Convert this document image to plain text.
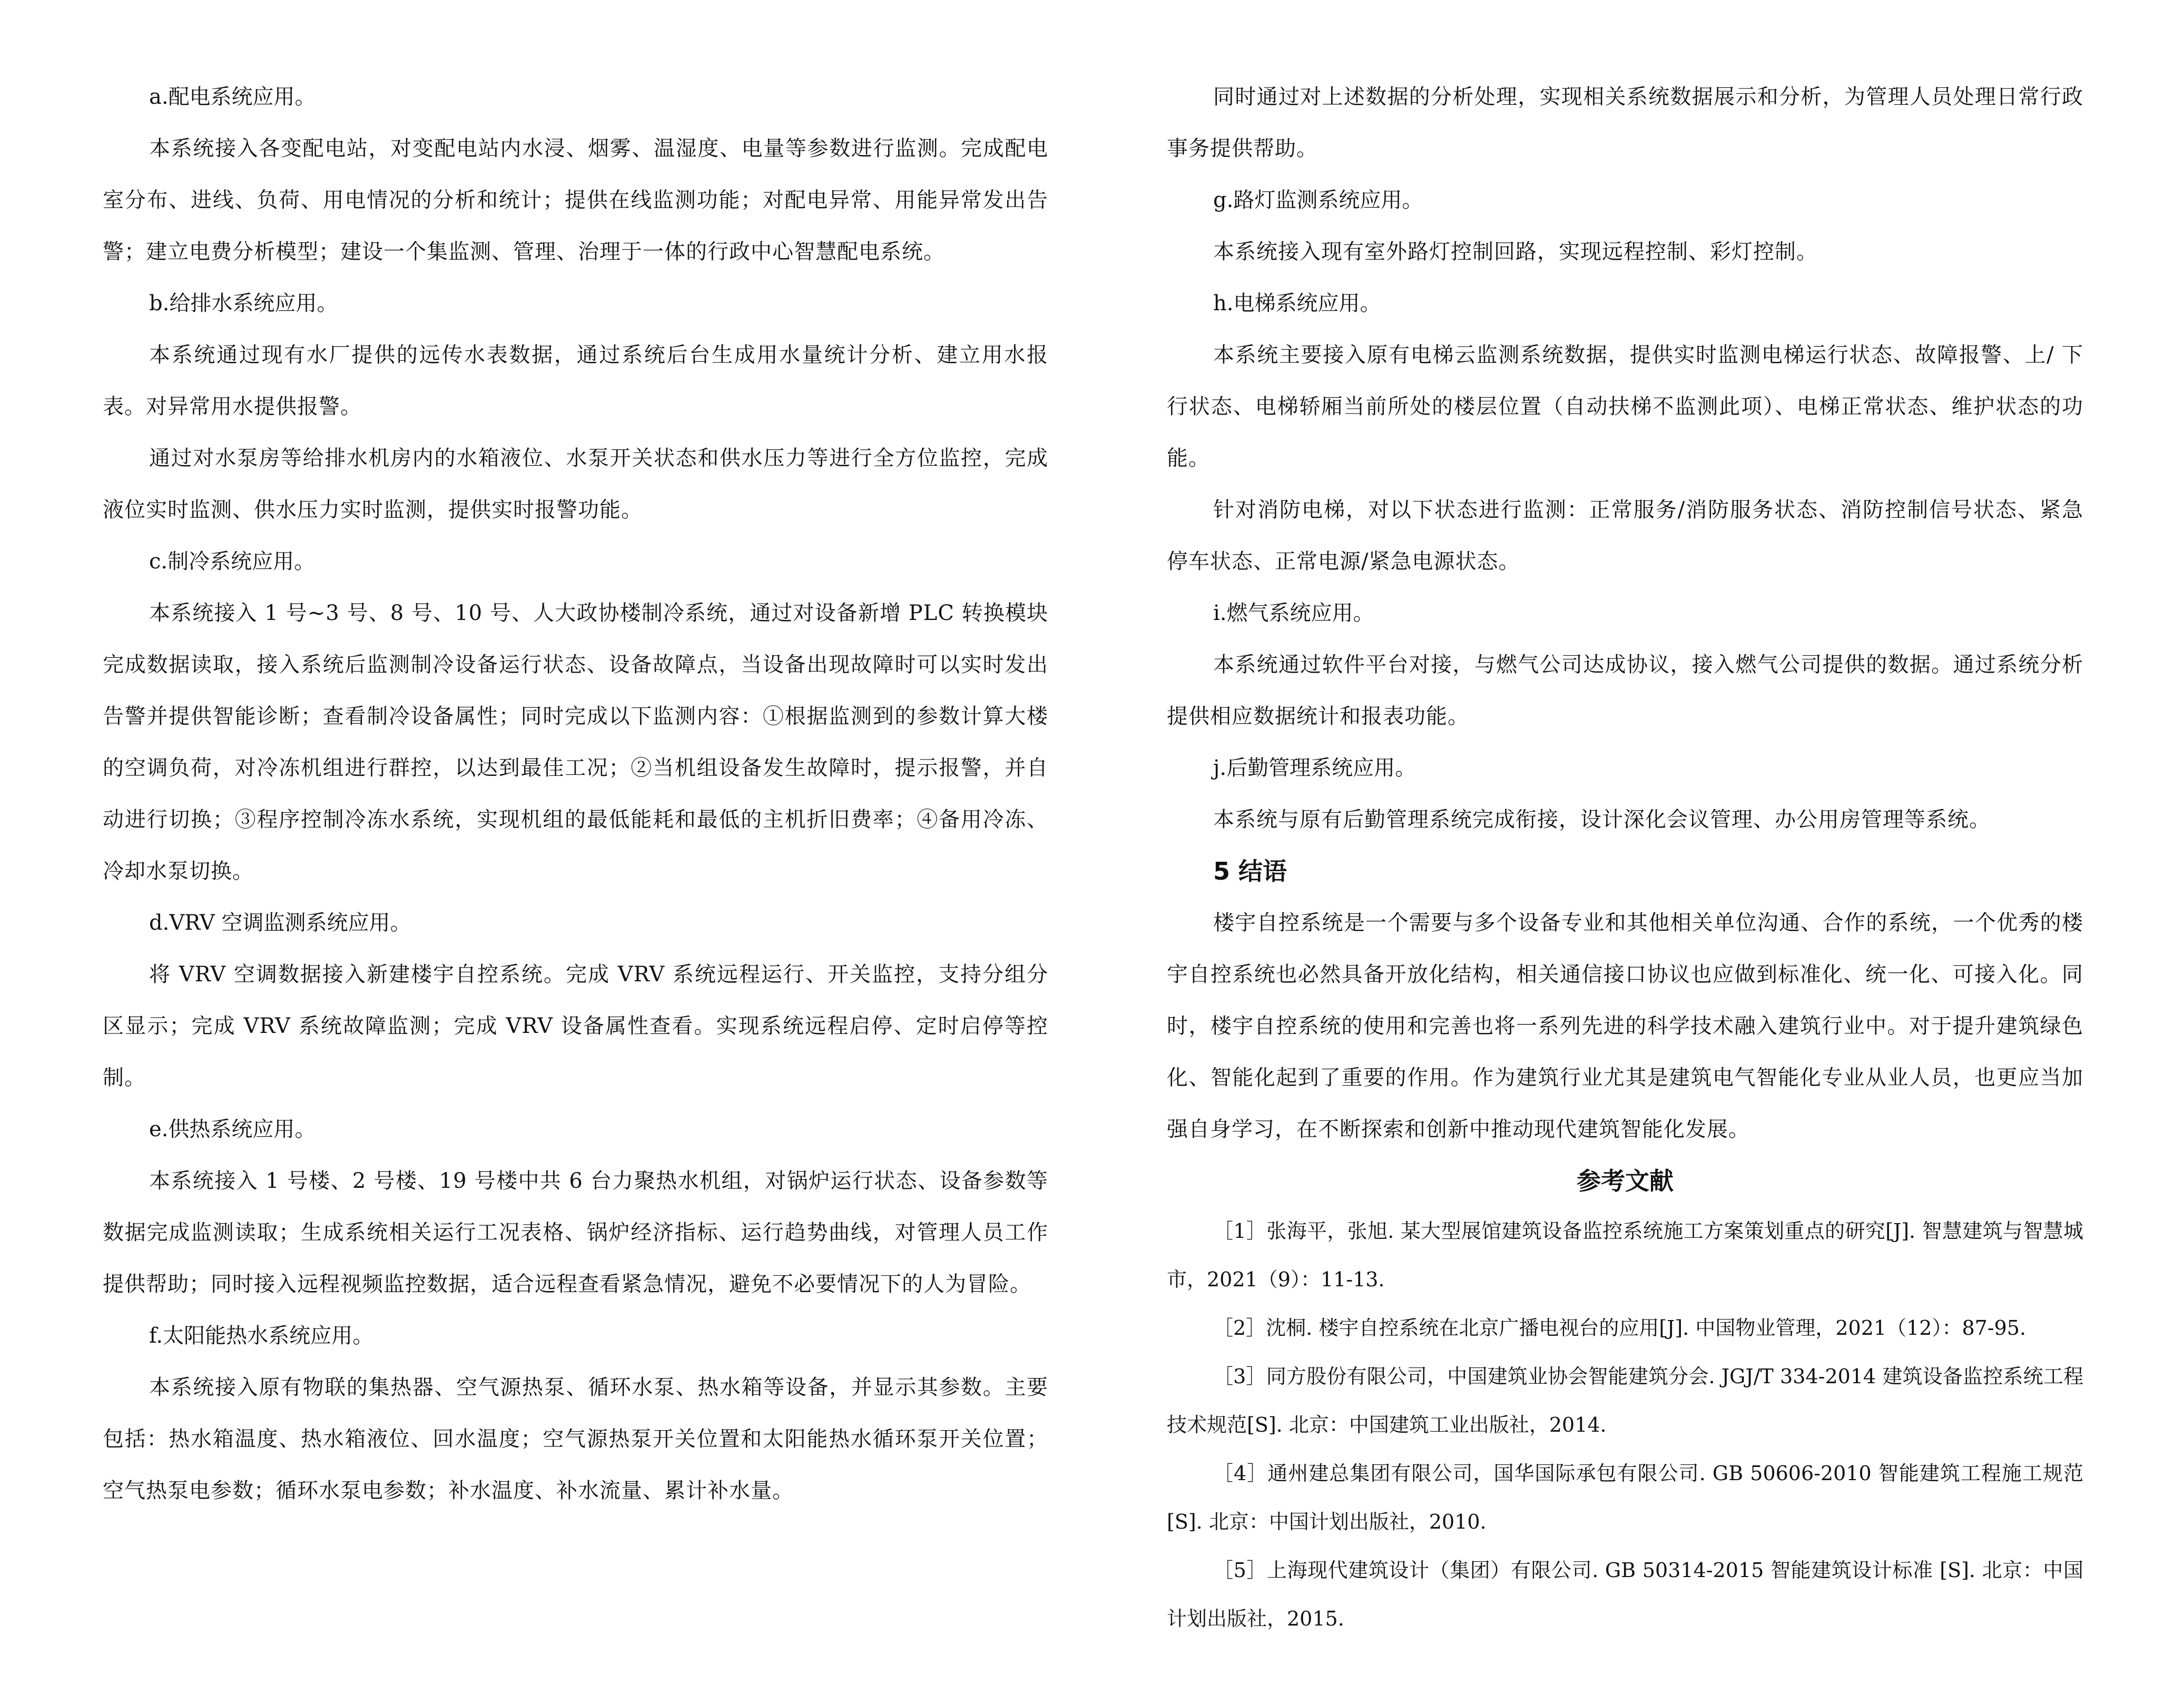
a.配电系统应用。

本系统接入各变配电站，对变配电站内水浸、烟雾、温湿度、电量等参数进行监测。完成配电室分布、进线、负荷、用电情况的分析和统计；提供在线监测功能；对配电异常、用能异常发出告警；建立电费分析模型；建设一个集监测、管理、治理于一体的行政中心智慧配电系统。

b.给排水系统应用。

本系统通过现有水厂提供的远传水表数据，通过系统后台生成用水量统计分析、建立用水报表。对异常用水提供报警。

通过对水泵房等给排水机房内的水箱液位、水泵开关状态和供水压力等进行全方位监控，完成液位实时监测、供水压力实时监测，提供实时报警功能。

c.制冷系统应用。

本系统接入 1 号~3 号、8 号、10 号、人大政协楼制冷系统，通过对设备新增 PLC 转换模块完成数据读取，接入系统后监测制冷设备运行状态、设备故障点，当设备出现故障时可以实时发出告警并提供智能诊断；查看制冷设备属性；同时完成以下监测内容：①根据监测到的参数计算大楼的空调负荷，对冷冻机组进行群控，以达到最佳工况；②当机组设备发生故障时，提示报警，并自动进行切换；③程序控制冷冻水系统，实现机组的最低能耗和最低的主机折旧费率；④备用冷冻、冷却水泵切换。

d.VRV 空调监测系统应用。

将 VRV 空调数据接入新建楼宇自控系统。完成 VRV 系统远程运行、开关监控，支持分组分区显示；完成 VRV 系统故障监测；完成 VRV 设备属性查看。实现系统远程启停、定时启停等控制。

e.供热系统应用。

本系统接入 1 号楼、2 号楼、19 号楼中共 6 台力聚热水机组，对锅炉运行状态、设备参数等数据完成监测读取；生成系统相关运行工况表格、锅炉经济指标、运行趋势曲线，对管理人员工作提供帮助；同时接入远程视频监控数据，适合远程查看紧急情况，避免不必要情况下的人为冒险。

f.太阳能热水系统应用。

本系统接入原有物联的集热器、空气源热泵、循环水泵、热水箱等设备，并显示其参数。主要包括：热水箱温度、热水箱液位、回水温度；空气源热泵开关位置和太阳能热水循环泵开关位置；空气热泵电参数；循环水泵电参数；补水温度、补水流量、累计补水量。

同时通过对上述数据的分析处理，实现相关系统数据展示和分析，为管理人员处理日常行政事务提供帮助。

g.路灯监测系统应用。

本系统接入现有室外路灯控制回路，实现远程控制、彩灯控制。

h.电梯系统应用。

本系统主要接入原有电梯云监测系统数据，提供实时监测电梯运行状态、故障报警、上/ 下行状态、电梯轿厢当前所处的楼层位置（自动扶梯不监测此项）、电梯正常状态、维护状态的功能。

针对消防电梯，对以下状态进行监测：正常服务/消防服务状态、消防控制信号状态、紧急停车状态、正常电源/紧急电源状态。

i.燃气系统应用。

本系统通过软件平台对接，与燃气公司达成协议，接入燃气公司提供的数据。通过系统分析提供相应数据统计和报表功能。

j.后勤管理系统应用。

本系统与原有后勤管理系统完成衔接，设计深化会议管理、办公用房管理等系统。

5 结语

楼宇自控系统是一个需要与多个设备专业和其他相关单位沟通、合作的系统，一个优秀的楼宇自控系统也必然具备开放化结构，相关通信接口协议也应做到标准化、统一化、可接入化。同时，楼宇自控系统的使用和完善也将一系列先进的科学技术融入建筑行业中。对于提升建筑绿色化、智能化起到了重要的作用。作为建筑行业尤其是建筑电气智能化专业从业人员，也更应当加强自身学习，在不断探索和创新中推动现代建筑智能化发展。

参考文献

［1］张海平，张旭. 某大型展馆建筑设备监控系统施工方案策划重点的研究[J]. 智慧建筑与智慧城市，2021（9）：11-13.

［2］沈桐. 楼宇自控系统在北京广播电视台的应用[J]. 中国物业管理，2021（12）：87-95.

［3］同方股份有限公司，中国建筑业协会智能建筑分会. JGJ/T 334-2014 建筑设备监控系统工程技术规范[S]. 北京：中国建筑工业出版社，2014.

［4］通州建总集团有限公司，国华国际承包有限公司. GB 50606-2010 智能建筑工程施工规范[S]. 北京：中国计划出版社，2010.

［5］上海现代建筑设计（集团）有限公司. GB 50314-2015 智能建筑设计标准 [S]. 北京：中国计划出版社，2015.
